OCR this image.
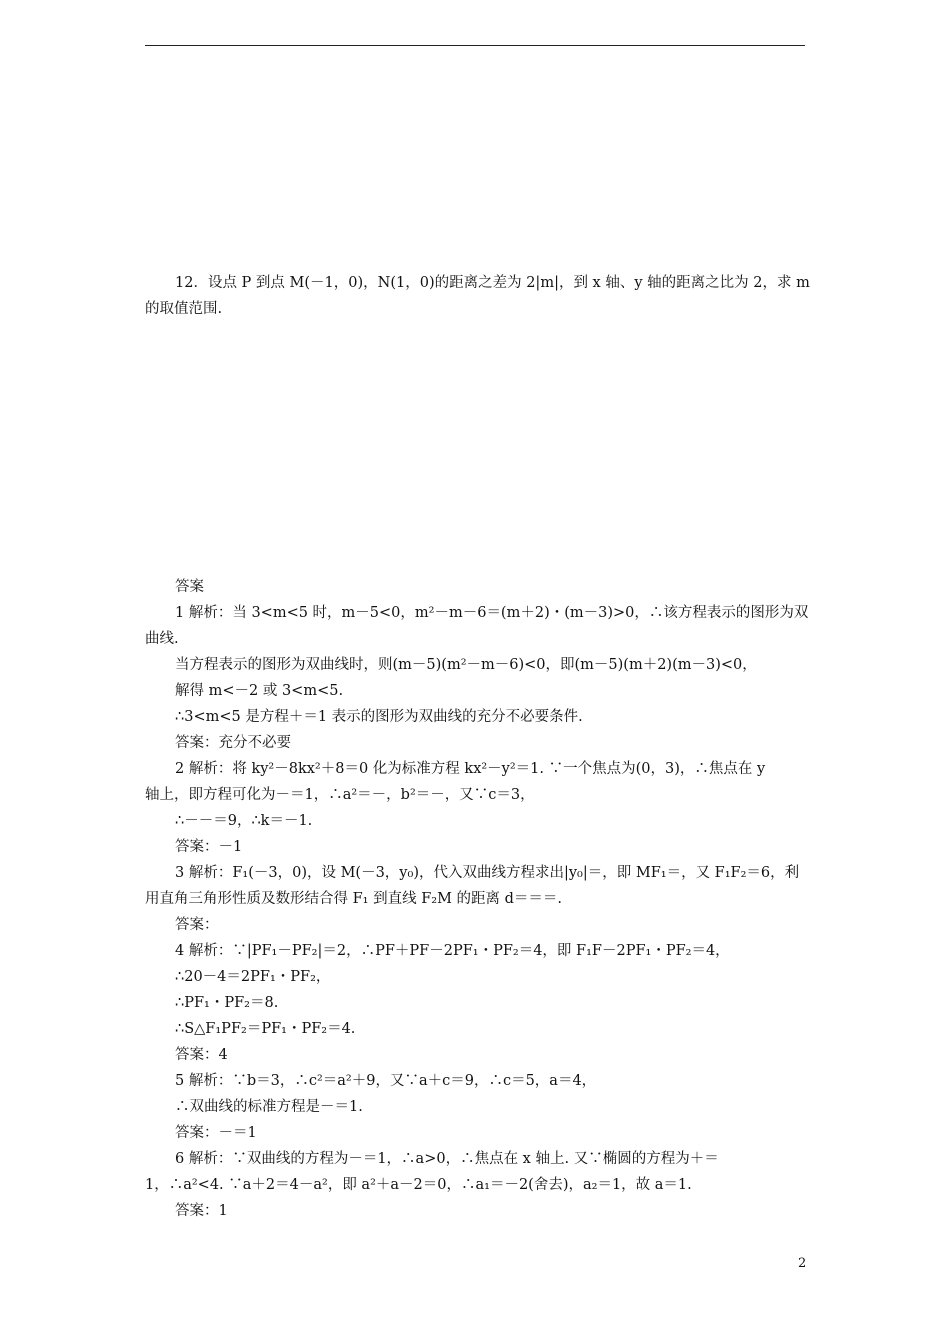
12．设点 P 到点 M(－1，0)，N(1，0)的距离之差为 2|m|，到 x 轴、y 轴的距离之比为 2，求 m
的取值范围.
答案
1 解析：当 3<m<5 时，m－5<0，m²－m－6＝(m＋2)・(m－3)>0，∴该方程表示的图形为双
曲线.
当方程表示的图形为双曲线时，则(m－5)(m²－m－6)<0，即(m－5)(m＋2)(m－3)<0，
解得 m<－2 或 3<m<5.
∴3<m<5 是方程＋＝1 表示的图形为双曲线的充分不必要条件.
答案：充分不必要
2 解析：将 ky²－8kx²＋8＝0 化为标准方程 kx²－y²＝1. ∵一个焦点为(0，3)，∴焦点在 y
轴上，即方程可化为－＝1，∴a²＝－，b²＝－，又∵c＝3，
∴－－＝9，∴k＝－1.
答案：－1
3 解析：F₁(－3，0)，设 M(－3，y₀)，代入双曲线方程求出|y₀|＝，即 MF₁＝，又 F₁F₂＝6，利
用直角三角形性质及数形结合得 F₁ 到直线 F₂M 的距离 d＝＝＝.
答案：
4 解析：∵|PF₁－PF₂|＝2，∴PF＋PF－2PF₁・PF₂＝4，即 F₁F－2PF₁・PF₂＝4，
∴20－4＝2PF₁・PF₂，
∴PF₁・PF₂＝8.
∴S△F₁PF₂＝PF₁・PF₂＝4.
答案：4
5 解析：∵b＝3，∴c²＝a²＋9，又∵a＋c＝9，∴c＝5，a＝4，
∴双曲线的标准方程是－＝1.
答案：－＝1
6 解析：∵双曲线的方程为－＝1，∴a>0，∴焦点在 x 轴上. 又∵椭圆的方程为＋＝
1，∴a²<4. ∵a＋2＝4－a²，即 a²＋a－2＝0，∴a₁＝－2(舍去)，a₂＝1，故 a＝1.
答案：1
2
